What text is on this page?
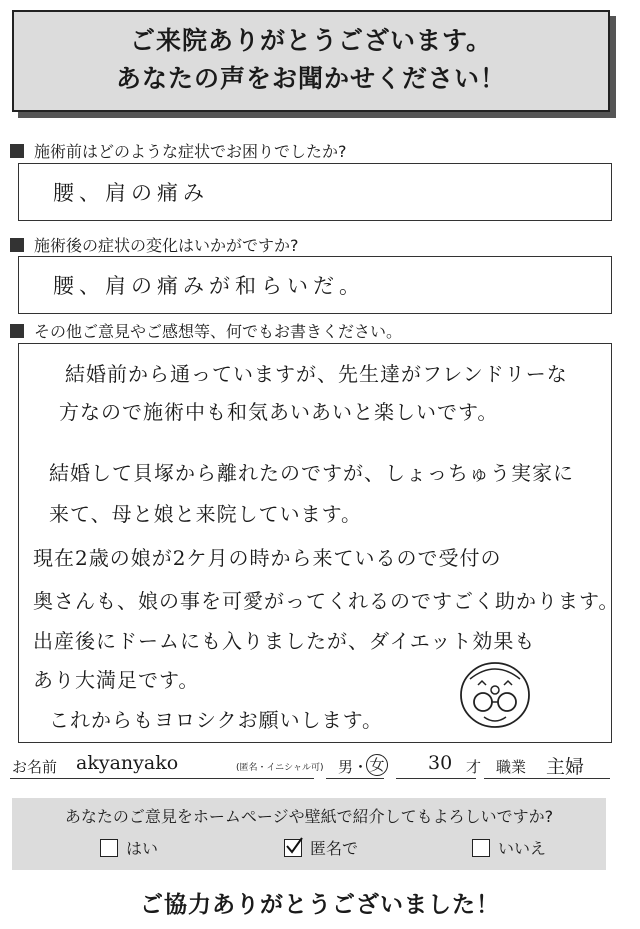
ご来院ありがとうございます。
あなたの声をお聞かせください！
施術前はどのような症状でお困りでしたか?
腰、肩の痛み
施術後の症状の変化はいかがですか?
腰、肩の痛みが和らいだ。
その他ご意見やご感想等、何でもお書きください。
結婚前から通っていますが、先生達がフレンドリーな
方なので施術中も和気あいあいと楽しいです。
結婚して貝塚から離れたのですが、しょっちゅう実家に
来て、母と娘と来院しています。
現在2歳の娘が2ケ月の時から来ているので受付の
奥さんも、娘の事を可愛がってくれるのですごく助かります。
出産後にドームにも入りましたが、ダイエット効果も
あり大満足です。
これからもヨロシクお願いします。
お名前 akyanyako	(匿名・イニシャル可) 男 ・ 女 30 才 職業 主婦
あなたのご意見をホームページや壁紙で紹介してもよろしいですか?
はい	匿名で	いいえ
ご協力ありがとうございました！
